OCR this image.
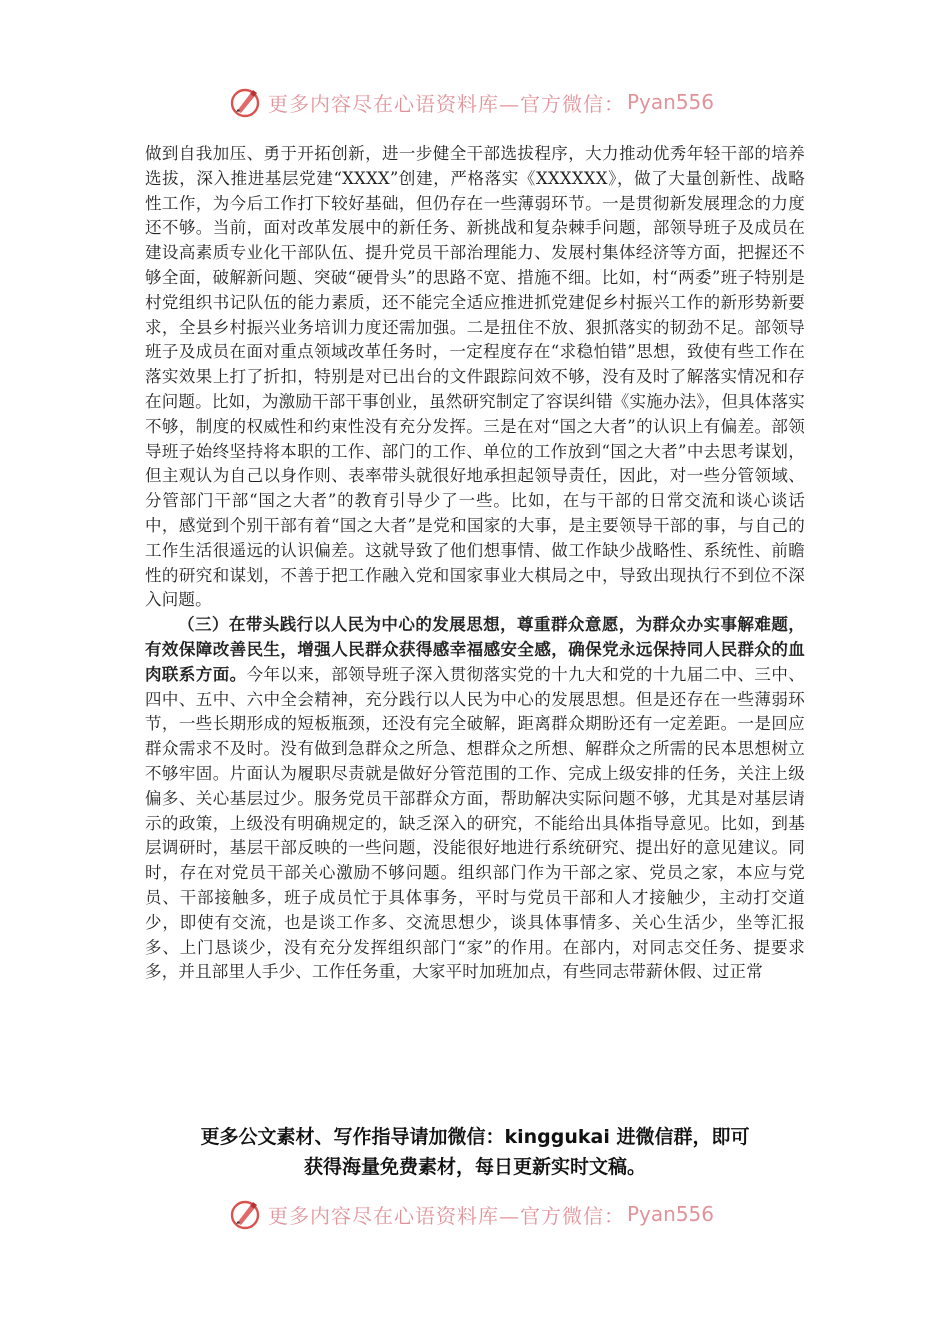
更多内容尽在心语资料库—官方微信： Pyan556

做到自我加压、勇于开拓创新，进一步健全干部选拔程序，大力推动优秀年轻干部的培养选拔，深入推进基层党建“XXXX”创建，严格落实《XXXXXX》，做了大量创新性、战略性工作，为今后工作打下较好基础，但仍存在一些薄弱环节。一是贯彻新发展理念的力度还不够。当前，面对改革发展中的新任务、新挑战和复杂棘手问题，部领导班子及成员在建设高素质专业化干部队伍、提升党员干部治理能力、发展村集体经济等方面，把握还不够全面，破解新问题、突破“硬骨头”的思路不宽、措施不细。比如，村“两委”班子特别是村党组织书记队伍的能力素质，还不能完全适应推进抓党建促乡村振兴工作的新形势新要求，全县乡村振兴业务培训力度还需加强。二是扭住不放、狠抓落实的韧劲不足。部领导班子及成员在面对重点领域改革任务时，一定程度存在“求稳怕错”思想，致使有些工作在落实效果上打了折扣，特别是对已出台的文件跟踪问效不够，没有及时了解落实情况和存在问题。比如，为激励干部干事创业，虽然研究制定了容误纠错《实施办法》，但具体落实不够，制度的权威性和约束性没有充分发挥。三是在对“国之大者”的认识上有偏差。部领导班子始终坚持将本职的工作、部门的工作、单位的工作放到“国之大者”中去思考谋划，但主观认为自己以身作则、表率带头就很好地承担起领导责任，因此，对一些分管领域、分管部门干部“国之大者”的教育引导少了一些。比如，在与干部的日常交流和谈心谈话中，感觉到个别干部有着“国之大者”是党和国家的大事，是主要领导干部的事，与自己的工作生活很遥远的认识偏差。这就导致了他们想事情、做工作缺少战略性、系统性、前瞻性的研究和谋划，不善于把工作融入党和国家事业大棋局之中，导致出现执行不到位不深入问题。

（三）在带头践行以人民为中心的发展思想，尊重群众意愿，为群众办实事解难题，有效保障改善民生，增强人民群众获得感幸福感安全感，确保党永远保持同人民群众的血肉联系方面。今年以来，部领导班子深入贯彻落实党的十九大和党的十九届二中、三中、四中、五中、六中全会精神，充分践行以人民为中心的发展思想。但是还存在一些薄弱环节，一些长期形成的短板瓶颈，还没有完全破解，距离群众期盼还有一定差距。一是回应群众需求不及时。没有做到急群众之所急、想群众之所想、解群众之所需的民本思想树立不够牢固。片面认为履职尽责就是做好分管范围的工作、完成上级安排的任务，关注上级偏多、关心基层过少。服务党员干部群众方面，帮助解决实际问题不够，尤其是对基层请示的政策，上级没有明确规定的，缺乏深入的研究，不能给出具体指导意见。比如，到基层调研时，基层干部反映的一些问题，没能很好地进行系统研究、提出好的意见建议。同时，存在对党员干部关心激励不够问题。组织部门作为干部之家、党员之家，本应与党员、干部接触多，班子成员忙于具体事务，平时与党员干部和人才接触少，主动打交道少，即使有交流，也是谈工作多、交流思想少，谈具体事情多、关心生活少，坐等汇报多、上门恳谈少，没有充分发挥组织部门“家”的作用。在部内，对同志交任务、提要求多，并且部里人手少、工作任务重，大家平时加班加点，有些同志带薪休假、过正常

更多公文素材、写作指导请加微信：kinggukai 进微信群，即可
获得海量免费素材，每日更新实时文稿。
更多内容尽在心语资料库—官方微信： Pyan556
